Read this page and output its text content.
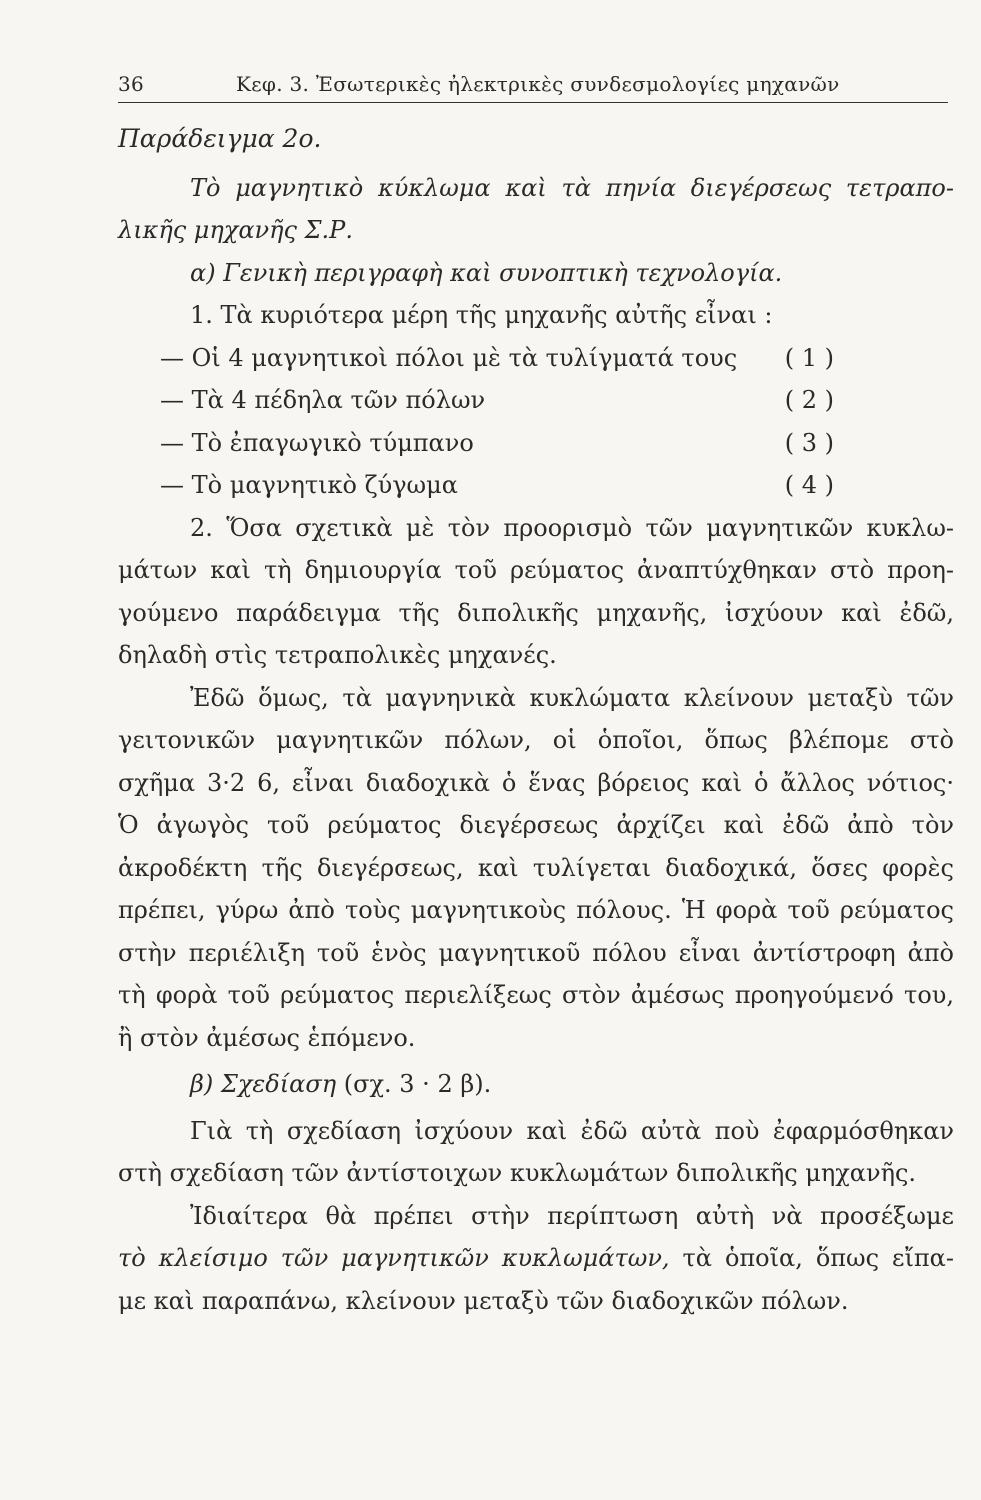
36	Κεφ. 3. Ἐσωτερικὲς ἠλεκτρικὲς συνδεσμολογίες μηχανῶν
Παράδειγμα 2ο.
Τὸ μαγνητικὸ κύκλωμα καὶ τὰ πηνία διεγέρσεως τετραπο-
λικῆς μηχανῆς Σ.Ρ.
α) Γενικὴ περιγραφὴ καὶ συνοπτικὴ τεχνολογία.
1. Τὰ κυριότερα μέρη τῆς μηχανῆς αὐτῆς εἶναι :
— Οἱ 4 μαγνητικοὶ πόλοι μὲ τὰ τυλίγματά τους ( 1 )
— Τὰ 4 πέδηλα τῶν πόλων	( 2 )
— Τὸ ἐπαγωγικὸ τύμπανο	( 3 )
— Τὸ μαγνητικὸ ζύγωμα	( 4 )
2. Ὅσα σχετικὰ μὲ τὸν προορισμὸ τῶν μαγνητικῶν κυκλω-
μάτων καὶ τὴ δημιουργία τοῦ ρεύματος ἀναπτύχθηκαν στὸ προη-
γούμενο παράδειγμα τῆς διπολικῆς μηχανῆς, ἰσχύουν καὶ ἐδῶ,
δηλαδὴ στὶς τετραπολικὲς μηχανές.
Ἐδῶ ὅμως, τὰ μαγνηνικὰ κυκλώματα κλείνουν μεταξὺ τῶν
γειτονικῶν μαγνητικῶν πόλων, οἱ ὁποῖοι, ὅπως βλέπομε στὸ
σχῆμα 3·2 6, εἶναι διαδοχικὰ ὁ ἕνας βόρειος καὶ ὁ ἄλλος νότιος·
Ὁ ἀγωγὸς τοῦ ρεύματος διεγέρσεως ἀρχίζει καὶ ἐδῶ ἀπὸ τὸν
ἀκροδέκτη τῆς διεγέρσεως, καὶ τυλίγεται διαδοχικά, ὅσες φορὲς
πρέπει, γύρω ἀπὸ τοὺς μαγνητικοὺς πόλους. Ἡ φορὰ τοῦ ρεύματος
στὴν περιέλιξη τοῦ ἑνὸς μαγνητικοῦ πόλου εἶναι ἀντίστροφη ἀπὸ
τὴ φορὰ τοῦ ρεύματος περιελίξεως στὸν ἀμέσως προηγούμενό του,
ἢ στὸν ἀμέσως ἑπόμενο.
β) Σχεδίαση (σχ. 3 · 2 β).
Γιὰ τὴ σχεδίαση ἰσχύουν καὶ ἐδῶ αὐτὰ ποὺ ἐφαρμόσθηκαν
στὴ σχεδίαση τῶν ἀντίστοιχων κυκλωμάτων διπολικῆς μηχανῆς.
Ἰδιαίτερα θὰ πρέπει στὴν περίπτωση αὐτὴ νὰ προσέξωμε
τὸ κλείσιμο τῶν μαγνητικῶν κυκλωμάτων, τὰ ὁποῖα, ὅπως εἴπα-
με καὶ παραπάνω, κλείνουν μεταξὺ τῶν διαδοχικῶν πόλων.
